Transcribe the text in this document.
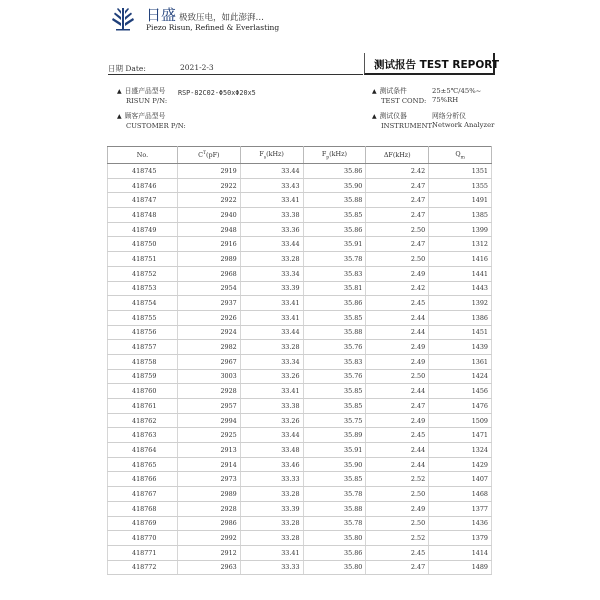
日盛 极致压电，如此澎湃…
Piezo Risun, Refined & Everlasting
日期 Date:	2021-2-3	测试报告 TEST REPORT
▲ 日盛产品型号
RISUN P/N:
RSP-82C02-Φ50xΦ20x5
▲ 顾客产品型号
CUSTOMER P/N:
▲ 测试条件
TEST COND:
25±5℃/45%~
75%RH
▲ 测试仪器
INSTRUMENT:
网络分析仪
Network Analyzer
No.	$C^T(pF)$	$F_s(kHz)$	$F_p(kHz)$	ΔF(kHz)	$Q_m$
418745	2919	33.44	35.86	2.42	1351
418746	2922	33.43	35.90	2.47	1355
418747	2922	33.41	35.88	2.47	1491
418748	2940	33.38	35.85	2.47	1385
418749	2948	33.36	35.86	2.50	1399
418750	2916	33.44	35.91	2.47	1312
418751	2989	33.28	35.78	2.50	1416
418752	2968	33.34	35.83	2.49	1441
418753	2954	33.39	35.81	2.42	1443
418754	2937	33.41	35.86	2.45	1392
418755	2926	33.41	35.85	2.44	1386
418756	2924	33.44	35.88	2.44	1451
418757	2982	33.28	35.76	2.49	1439
418758	2967	33.34	35.83	2.49	1361
418759	3003	33.26	35.76	2.50	1424
418760	2928	33.41	35.85	2.44	1456
418761	2957	33.38	35.85	2.47	1476
418762	2994	33.26	35.75	2.49	1509
418763	2925	33.44	35.89	2.45	1471
418764	2913	33.48	35.91	2.44	1324
418765	2914	33.46	35.90	2.44	1429
418766	2973	33.33	35.85	2.52	1407
418767	2989	33.28	35.78	2.50	1468
418768	2928	33.39	35.88	2.49	1377
418769	2986	33.28	35.78	2.50	1436
418770	2992	33.28	35.80	2.52	1379
418771	2912	33.41	35.86	2.45	1414
418772	2963	33.33	35.80	2.47	1489
